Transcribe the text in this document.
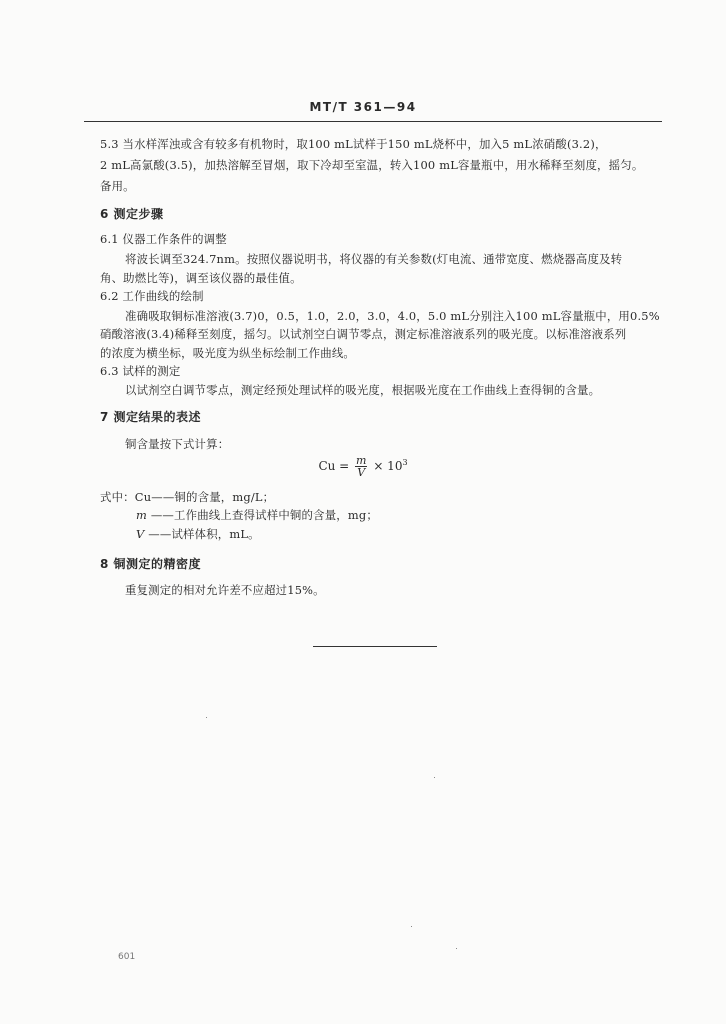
MT/T 361—94
5.3 当水样浑浊或含有较多有机物时，取100 mL试样于150 mL烧杯中，加入5 mL浓硝酸(3.2)，
2 mL高氯酸(3.5)，加热溶解至冒烟，取下冷却至室温，转入100 mL容量瓶中，用水稀释至刻度，摇匀。
备用。
6 测定步骤
6.1 仪器工作条件的调整
将波长调至324.7nm。按照仪器说明书，将仪器的有关参数(灯电流、通带宽度、燃烧器高度及转
角、助燃比等)，调至该仪器的最佳值。
6.2 工作曲线的绘制
准确吸取铜标准溶液(3.7)0，0.5，1.0，2.0，3.0，4.0，5.0 mL分别注入100 mL容量瓶中，用0.5%
硝酸溶液(3.4)稀释至刻度，摇匀。以试剂空白调节零点，测定标准溶液系列的吸光度。以标准溶液系列
的浓度为横坐标，吸光度为纵坐标绘制工作曲线。
6.3 试样的测定
以试剂空白调节零点，测定经预处理试样的吸光度，根据吸光度在工作曲线上查得铜的含量。
7 测定结果的表述
铜含量按下式计算：
$Cu = \frac{m}{V} \times 10^3$
式中：Cu——铜的含量，mg/L；
m ——工作曲线上查得试样中铜的含量，mg；
V ——试样体积，mL。
8 铜测定的精密度
重复测定的相对允许差不应超过15%。
601
